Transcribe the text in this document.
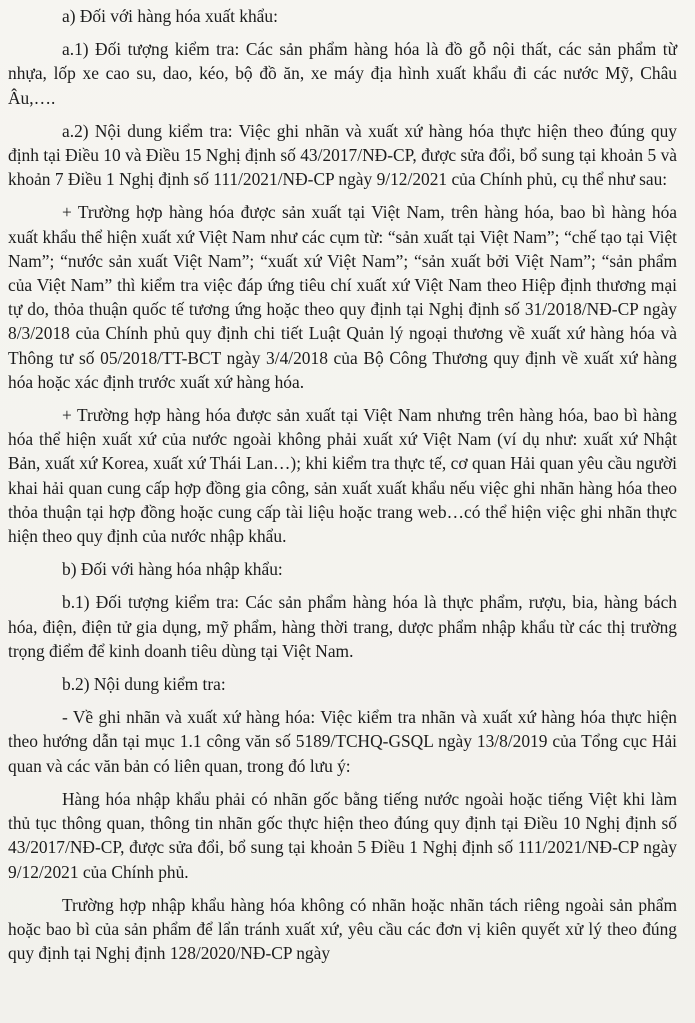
a) Đối với hàng hóa xuất khẩu:

a.1) Đối tượng kiểm tra: Các sản phẩm hàng hóa là đồ gỗ nội thất, các sản phẩm từ nhựa, lốp xe cao su, dao, kéo, bộ đồ ăn, xe máy địa hình xuất khẩu đi các nước Mỹ, Châu Âu,….

a.2) Nội dung kiểm tra: Việc ghi nhãn và xuất xứ hàng hóa thực hiện theo đúng quy định tại Điều 10 và Điều 15 Nghị định số 43/2017/NĐ-CP, được sửa đổi, bổ sung tại khoản 5 và khoản 7 Điều 1 Nghị định số 111/2021/NĐ-CP ngày 9/12/2021 của Chính phủ, cụ thể như sau:

+ Trường hợp hàng hóa được sản xuất tại Việt Nam, trên hàng hóa, bao bì hàng hóa xuất khẩu thể hiện xuất xứ Việt Nam như các cụm từ: “sản xuất tại Việt Nam”; “chế tạo tại Việt Nam”; “nước sản xuất Việt Nam”; “xuất xứ Việt Nam”; “sản xuất bởi Việt Nam”; “sản phẩm của Việt Nam” thì kiểm tra việc đáp ứng tiêu chí xuất xứ Việt Nam theo Hiệp định thương mại tự do, thỏa thuận quốc tế tương ứng hoặc theo quy định tại Nghị định số 31/2018/NĐ-CP ngày 8/3/2018 của Chính phủ quy định chi tiết Luật Quản lý ngoại thương về xuất xứ hàng hóa và Thông tư số 05/2018/TT-BCT ngày 3/4/2018 của Bộ Công Thương quy định về xuất xứ hàng hóa hoặc xác định trước xuất xứ hàng hóa.

+ Trường hợp hàng hóa được sản xuất tại Việt Nam nhưng trên hàng hóa, bao bì hàng hóa thể hiện xuất xứ của nước ngoài không phải xuất xứ Việt Nam (ví dụ như: xuất xứ Nhật Bản, xuất xứ Korea, xuất xứ Thái Lan…); khi kiểm tra thực tế, cơ quan Hải quan yêu cầu người khai hải quan cung cấp hợp đồng gia công, sản xuất xuất khẩu nếu việc ghi nhãn hàng hóa theo thỏa thuận tại hợp đồng hoặc cung cấp tài liệu hoặc trang web…có thể hiện việc ghi nhãn thực hiện theo quy định của nước nhập khẩu.

b) Đối với hàng hóa nhập khẩu:

b.1) Đối tượng kiểm tra: Các sản phẩm hàng hóa là thực phẩm, rượu, bia, hàng bách hóa, điện, điện tử gia dụng, mỹ phẩm, hàng thời trang, dược phẩm nhập khẩu từ các thị trường trọng điểm để kinh doanh tiêu dùng tại Việt Nam.

b.2) Nội dung kiểm tra:

- Về ghi nhãn và xuất xứ hàng hóa: Việc kiểm tra nhãn và xuất xứ hàng hóa thực hiện theo hướng dẫn tại mục 1.1 công văn số 5189/TCHQ-GSQL ngày 13/8/2019 của Tổng cục Hải quan và các văn bản có liên quan, trong đó lưu ý:

Hàng hóa nhập khẩu phải có nhãn gốc bằng tiếng nước ngoài hoặc tiếng Việt khi làm thủ tục thông quan, thông tin nhãn gốc thực hiện theo đúng quy định tại Điều 10 Nghị định số 43/2017/NĐ-CP, được sửa đổi, bổ sung tại khoản 5 Điều 1 Nghị định số 111/2021/NĐ-CP ngày 9/12/2021 của Chính phủ.

Trường hợp nhập khẩu hàng hóa không có nhãn hoặc nhãn tách riêng ngoài sản phẩm hoặc bao bì của sản phẩm để lẩn tránh xuất xứ, yêu cầu các đơn vị kiên quyết xử lý theo đúng quy định tại Nghị định 128/2020/NĐ-CP ngày
